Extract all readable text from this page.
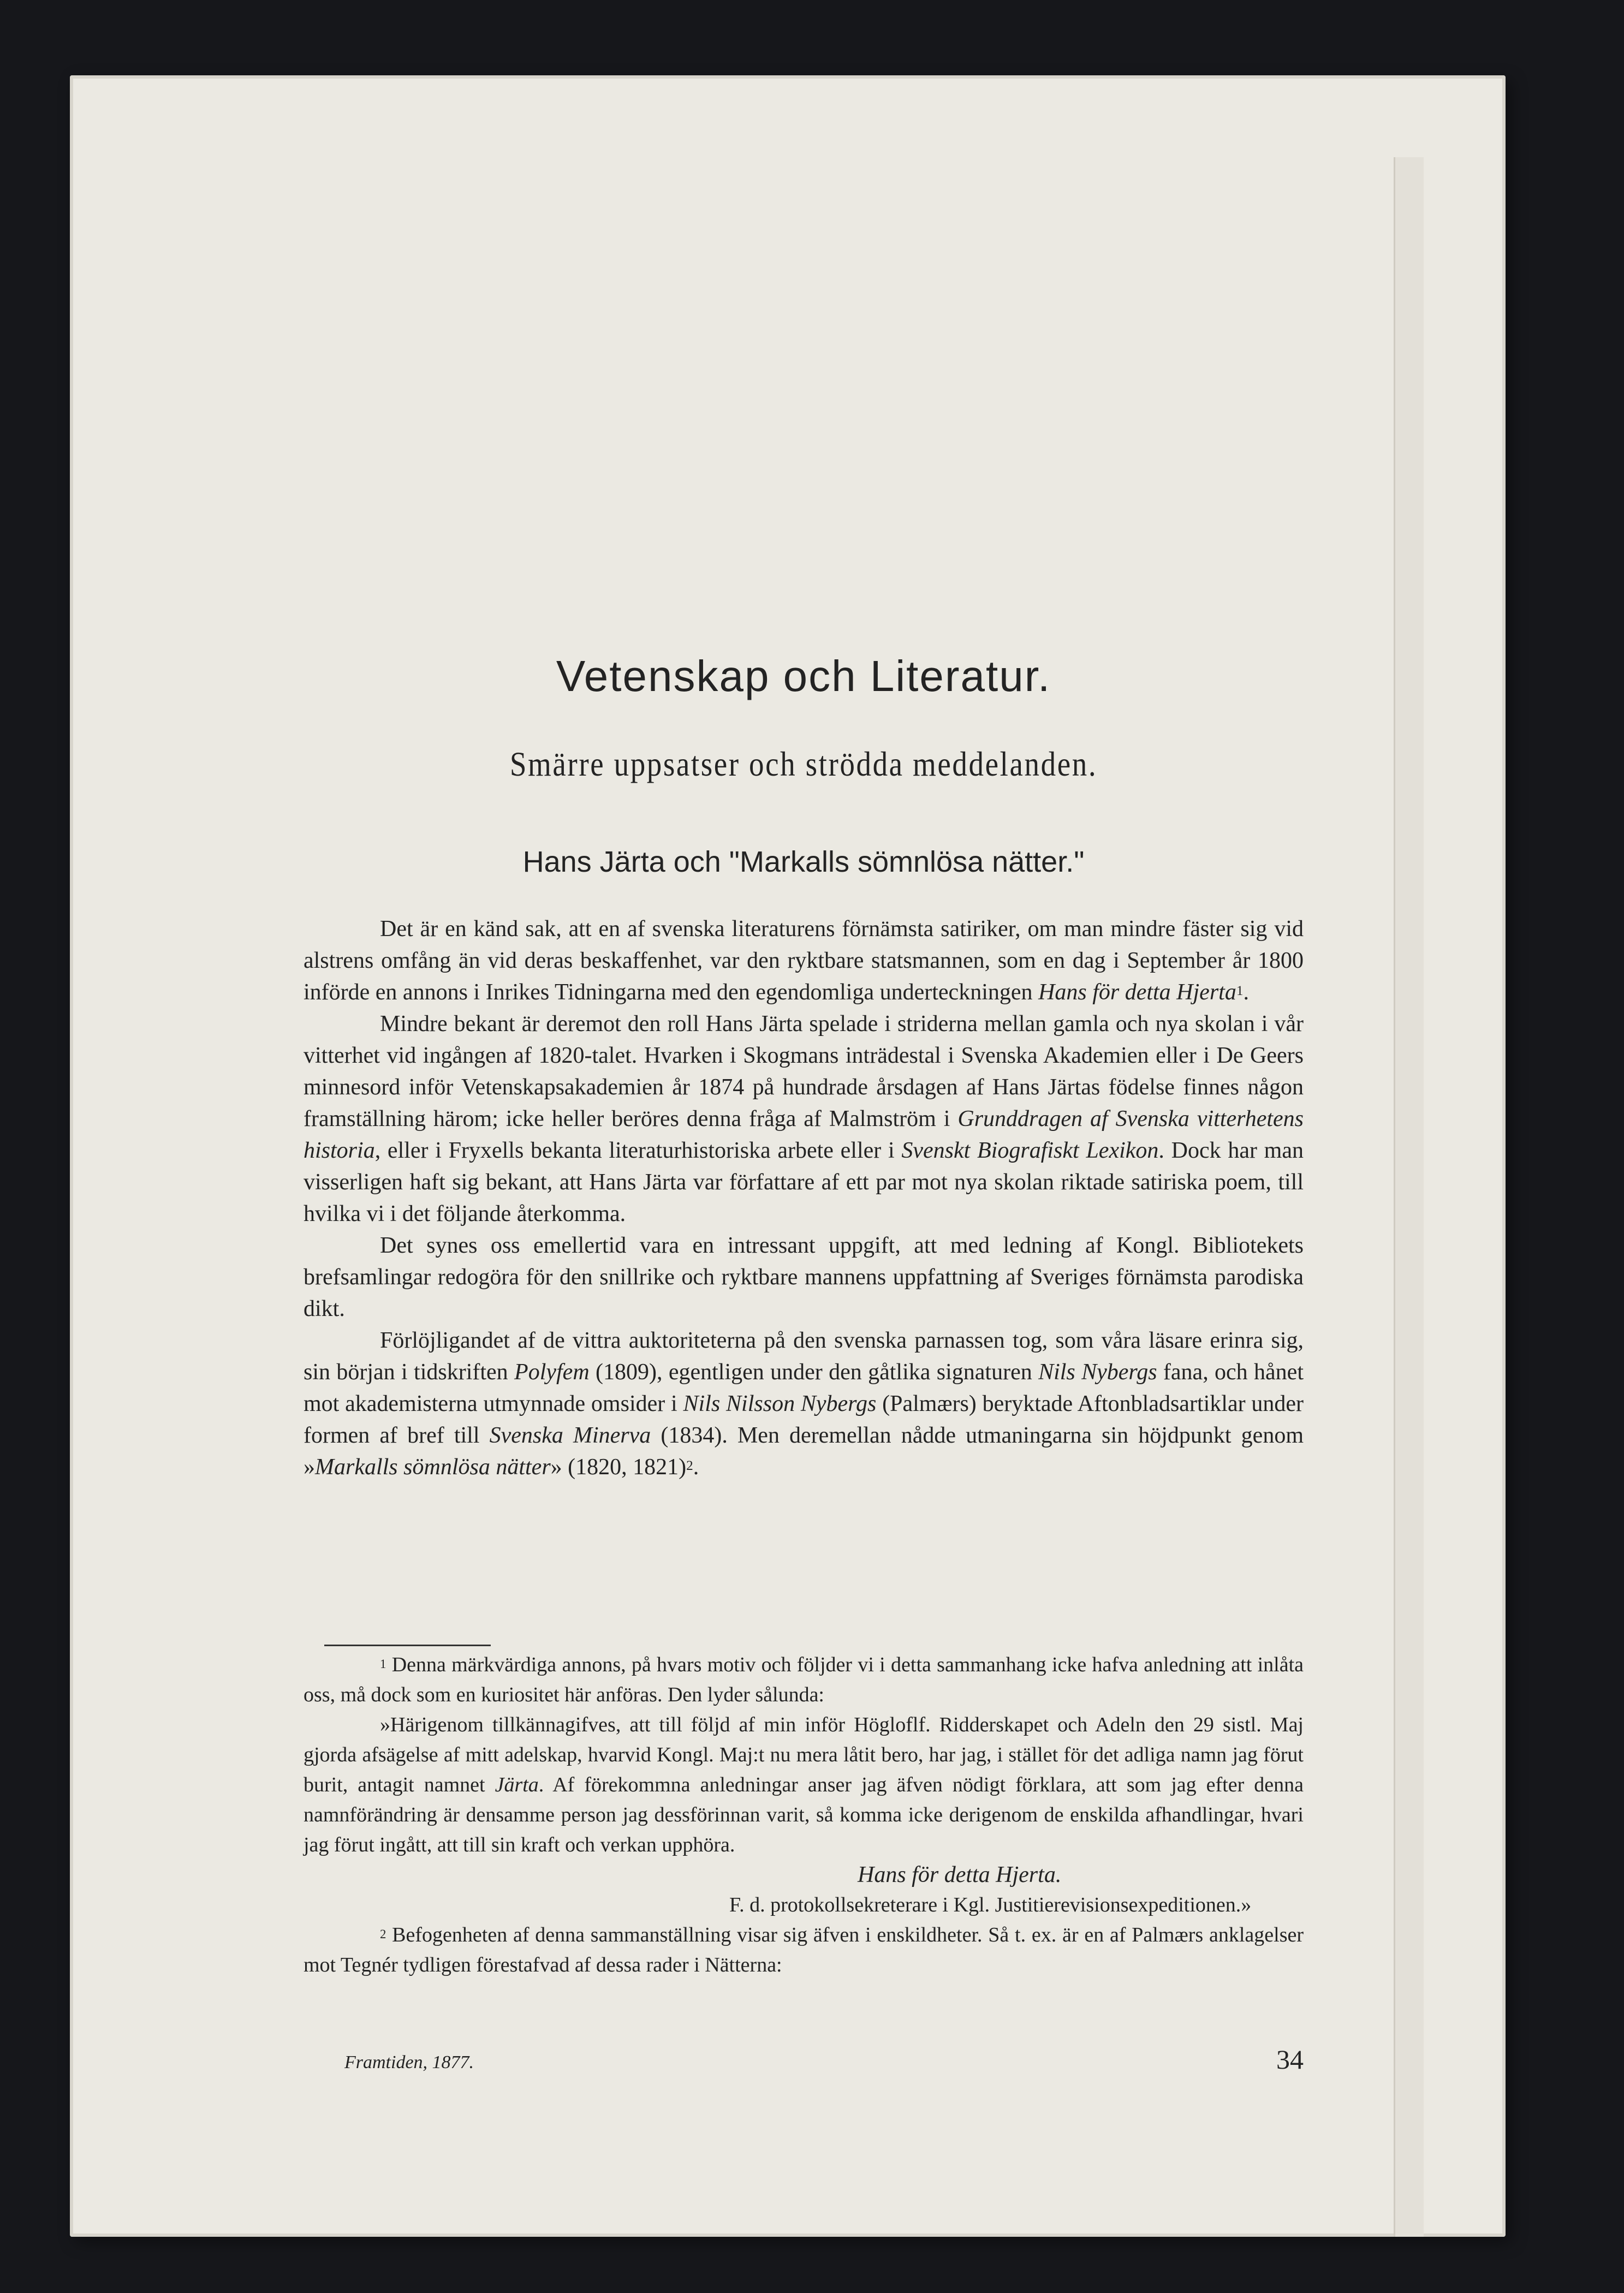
Vetenskap och Literatur.
Smärre uppsatser och strödda meddelanden.
Hans Järta och "Markalls sömnlösa nätter."

Det är en känd sak, att en af svenska literaturens förnämsta satiriker, om man mindre fäster sig vid alstrens omfång än vid deras beskaffenhet, var den ryktbare statsmannen, som en dag i September år 1800 införde en annons i Inrikes Tidningarna med den egendomliga underteckningen Hans för detta Hjerta$^1$.

Mindre bekant är deremot den roll Hans Järta spelade i striderna mellan gamla och nya skolan i vår vitterhet vid ingången af 1820-talet. Hvarken i Skogmans inträdestal i Svenska Akademien eller i De Geers minnesord inför Vetenskapsakademien år 1874 på hundrade årsdagen af Hans Järtas födelse finnes någon framställning härom; icke heller beröres denna fråga af Malmström i Grunddragen af Svenska vitterhetens historia, eller i Fryxells bekanta literaturhistoriska arbete eller i Svenskt Biografiskt Lexikon. Dock har man visserligen haft sig bekant, att Hans Järta var författare af ett par mot nya skolan riktade satiriska poem, till hvilka vi i det följande återkomma.

Det synes oss emellertid vara en intressant uppgift, att med ledning af Kongl. Bibliotekets brefsamlingar redogöra för den snillrike och ryktbare mannens uppfattning af Sveriges förnämsta parodiska dikt.

Förlöjligandet af de vittra auktoriteterna på den svenska parnassen tog, som våra läsare erinra sig, sin början i tidskriften Polyfem (1809), egentligen under den gåtlika signaturen Nils Nybergs fana, och hånet mot akademisterna utmynnade omsider i Nils Nilsson Nybergs (Palmærs) beryktade Aftonbladsartiklar under formen af bref till Svenska Minerva (1834). Men deremellan nådde utmaningarna sin höjdpunkt genom »Markalls sömnlösa nätter» (1820, 1821)$^2$.

$^1$ Denna märkvärdiga annons, på hvars motiv och följder vi i detta sammanhang icke hafva anledning att inlåta oss, må dock som en kuriositet här anföras. Den lyder sålunda:

»Härigenom tillkännagifves, att till följd af min inför Högloflf. Ridderskapet och Adeln den 29 sistl. Maj gjorda afsägelse af mitt adelskap, hvarvid Kongl. Maj:t nu mera låtit bero, har jag, i stället för det adliga namn jag förut burit, antagit namnet Järta. Af förekommna anledningar anser jag äfven nödigt förklara, att som jag efter denna namnförändring är densamme person jag dessförinnan varit, så komma icke derigenom de enskilda afhandlingar, hvari jag förut ingått, att till sin kraft och verkan upphöra.

Hans för detta Hjerta.

F. d. protokollsekreterare i Kgl. Justitierevisionsexpeditionen.»

$^2$ Befogenheten af denna sammanställning visar sig äfven i enskildheter. Så t. ex. är en af Palmærs anklagelser mot Tegnér tydligen förestafvad af dessa rader i Nätterna:

Framtiden, 1877.	34
